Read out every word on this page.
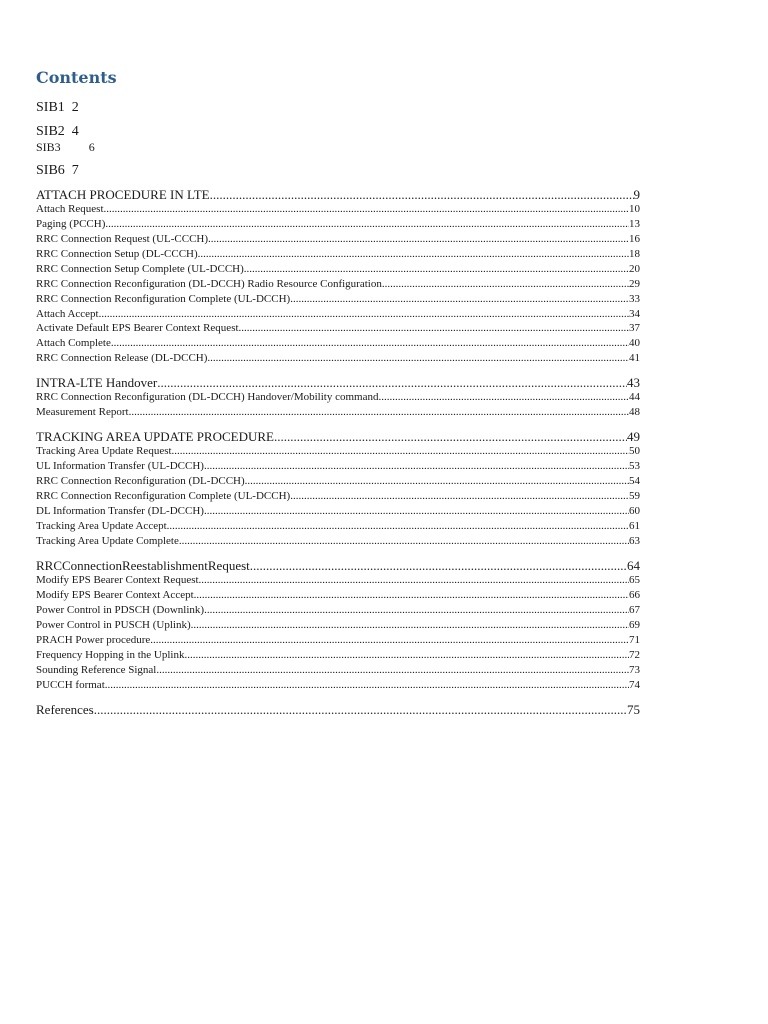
Contents
SIB1 2
SIB2 4
SIB3 6
SIB6 7
ATTACH PROCEDURE IN LTE .....	9
Attach Request .....	10
Paging (PCCH) .....	13
RRC Connection Request (UL-CCCH) .....	16
RRC Connection Setup (DL-CCCH) .....	18
RRC Connection Setup Complete (UL-DCCH) .....	20
RRC Connection Reconfiguration (DL-DCCH) Radio Resource Configuration .....	29
RRC Connection Reconfiguration Complete (UL-DCCH) .....	33
Attach Accept .....	34
Activate Default EPS Bearer Context Request .....	37
Attach Complete .....	40
RRC Connection Release (DL-DCCH) .....	41
INTRA-LTE Handover .....	43
RRC Connection Reconfiguration (DL-DCCH) Handover/Mobility command .....	44
Measurement Report .....	48
TRACKING AREA UPDATE PROCEDURE .....	49
Tracking Area Update Request .....	50
UL Information Transfer (UL-DCCH) .....	53
RRC Connection Reconfiguration (DL-DCCH) .....	54
RRC Connection Reconfiguration Complete (UL-DCCH) .....	59
DL Information Transfer (DL-DCCH) .....	60
Tracking Area Update Accept .....	61
Tracking Area Update Complete .....	63
RRCConnectionReestablishmentRequest .....	64
Modify EPS Bearer Context Request .....	65
Modify EPS Bearer Context Accept .....	66
Power Control in PDSCH (Downlink) .....	67
Power Control in PUSCH (Uplink) .....	69
PRACH Power procedure .....	71
Frequency Hopping in the Uplink .....	72
Sounding Reference Signal .....	73
PUCCH format .....	74
References .....	75
